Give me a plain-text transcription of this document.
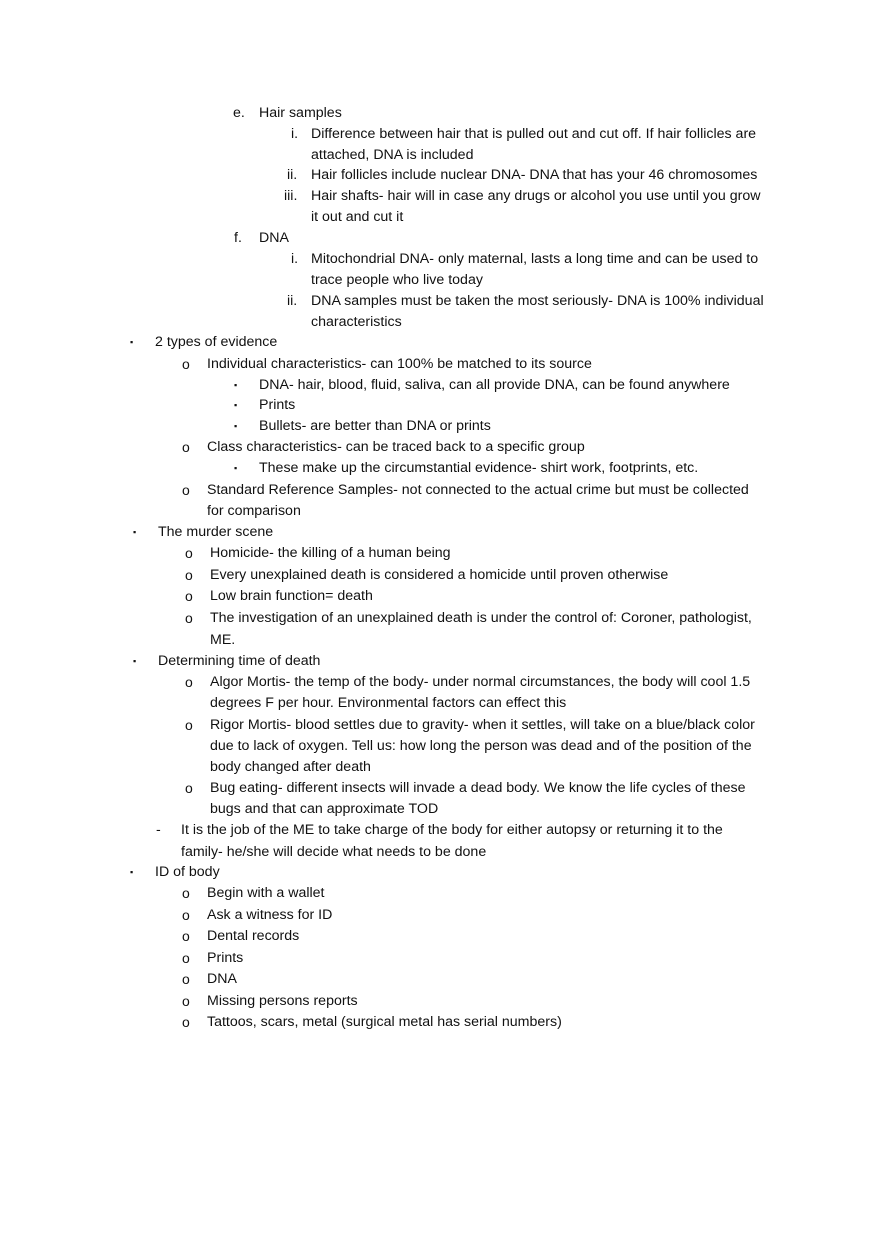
e. Hair samples
i. Difference between hair that is pulled out and cut off. If hair follicles are
attached, DNA is included
ii. Hair follicles include nuclear DNA- DNA that has your 46 chromosomes
iii. Hair shafts- hair will in case any drugs or alcohol you use until you grow
it out and cut it
f. DNA
i. Mitochondrial DNA- only maternal, lasts a long time and can be used to
trace people who live today
ii. DNA samples must be taken the most seriously- DNA is 100% individual
characteristics
▪ 2 types of evidence
o Individual characteristics- can 100% be matched to its source
▪ DNA- hair, blood, fluid, saliva, can all provide DNA, can be found anywhere
▪ Prints
▪ Bullets- are better than DNA or prints
o Class characteristics- can be traced back to a specific group
▪ These make up the circumstantial evidence- shirt work, footprints, etc.
o Standard Reference Samples- not connected to the actual crime but must be collected
for comparison
▪ The murder scene
o Homicide- the killing of a human being
o Every unexplained death is considered a homicide until proven otherwise
o Low brain function= death
o The investigation of an unexplained death is under the control of: Coroner, pathologist,
ME.
▪ Determining time of death
o Algor Mortis- the temp of the body- under normal circumstances, the body will cool 1.5
degrees F per hour. Environmental factors can effect this
o Rigor Mortis- blood settles due to gravity- when it settles, will take on a blue/black color
due to lack of oxygen. Tell us: how long the person was dead and of the position of the
body changed after death
o Bug eating- different insects will invade a dead body. We know the life cycles of these
bugs and that can approximate TOD
- It is the job of the ME to take charge of the body for either autopsy or returning it to the
family- he/she will decide what needs to be done
▪ ID of body
o Begin with a wallet
o Ask a witness for ID
o Dental records
o Prints
o DNA
o Missing persons reports
o Tattoos, scars, metal (surgical metal has serial numbers)
